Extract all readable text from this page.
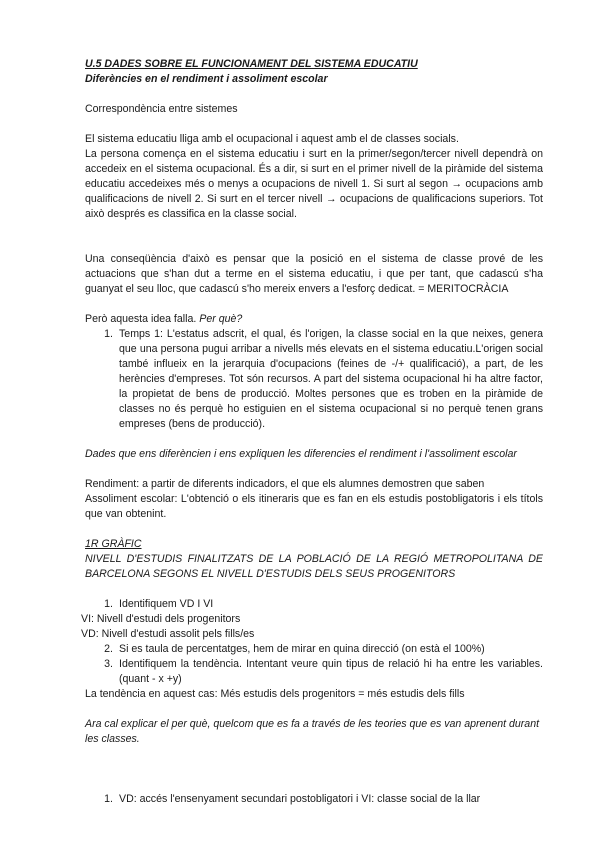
U.5 DADES SOBRE EL FUNCIONAMENT DEL SISTEMA EDUCATIU

Diferències en el rendiment i assoliment escolar

Correspondència entre sistemes

El sistema educatiu lliga amb el ocupacional i aquest amb el de classes socials.

La persona comença en el sistema educatiu i surt en la primer/segon/tercer nivell dependrà on accedeix en el sistema ocupacional. És a dir, si surt en el primer nivell de la piràmide del sistema educatiu accedeixes més o menys a ocupacions de nivell 1. Si surt al segon → ocupacions amb qualificacions de nivell 2. Si surt en el tercer nivell → ocupacions de qualificacions superiors. Tot això després es classifica en la classe social.

Una conseqüència d'això es pensar que la posició en el sistema de classe prové de les actuacions que s'han dut a terme en el sistema educatiu, i que per tant, que cadascú s'ha guanyat el seu lloc, que cadascú s'ho mereix envers a l'esforç dedicat. = MERITOCRÀCIA

Però aquesta idea falla. Per què?

1. Temps 1: L'estatus adscrit, el qual, és l'origen, la classe social en la que neixes, genera que una persona pugui arribar a nivells més elevats en el sistema educatiu.L'origen social també influeix en la jerarquia d'ocupacions (feines de -/+ qualificació), a part, de les herències d'empreses. Tot són recursos. A part del sistema ocupacional hi ha altre factor, la propietat de bens de producció. Moltes persones que es troben en la piràmide de classes no és perquè ho estiguien en el sistema ocupacional si no perquè tenen grans empreses (bens de producció).

Dades que ens diferèncien i ens expliquen les diferencies el rendiment i l'assoliment escolar

Rendiment: a partir de diferents indicadors, el que els alumnes demostren que saben

Assoliment escolar: L'obtenció o els itineraris que es fan en els estudis postobligatoris i els títols que van obtenint.

1R GRÀFIC

NIVELL D'ESTUDIS FINALITZATS DE LA POBLACIÓ DE LA REGIÓ METROPOLITANA DE BARCELONA SEGONS EL NIVELL D'ESTUDIS DELS SEUS PROGENITORS

1. Identifiquem VD I VI

VI: Nivell d'estudi dels progenitors

VD: Nivell d'estudi assolit pels fills/es

2. Si es taula de percentatges, hem de mirar en quina direcció (on està el 100%)
3. Identifiquem la tendència. Intentant veure quin tipus de relació hi ha entre les variables. (quant - x +y)

La tendència en aquest cas: Més estudis dels progenitors = més estudis dels fills

Ara cal explicar el per què, quelcom que es fa a través de les teories que es van aprenent durant les classes.

1. VD: accés l'ensenyament secundari postobligatori i VI: classe social de la llar
